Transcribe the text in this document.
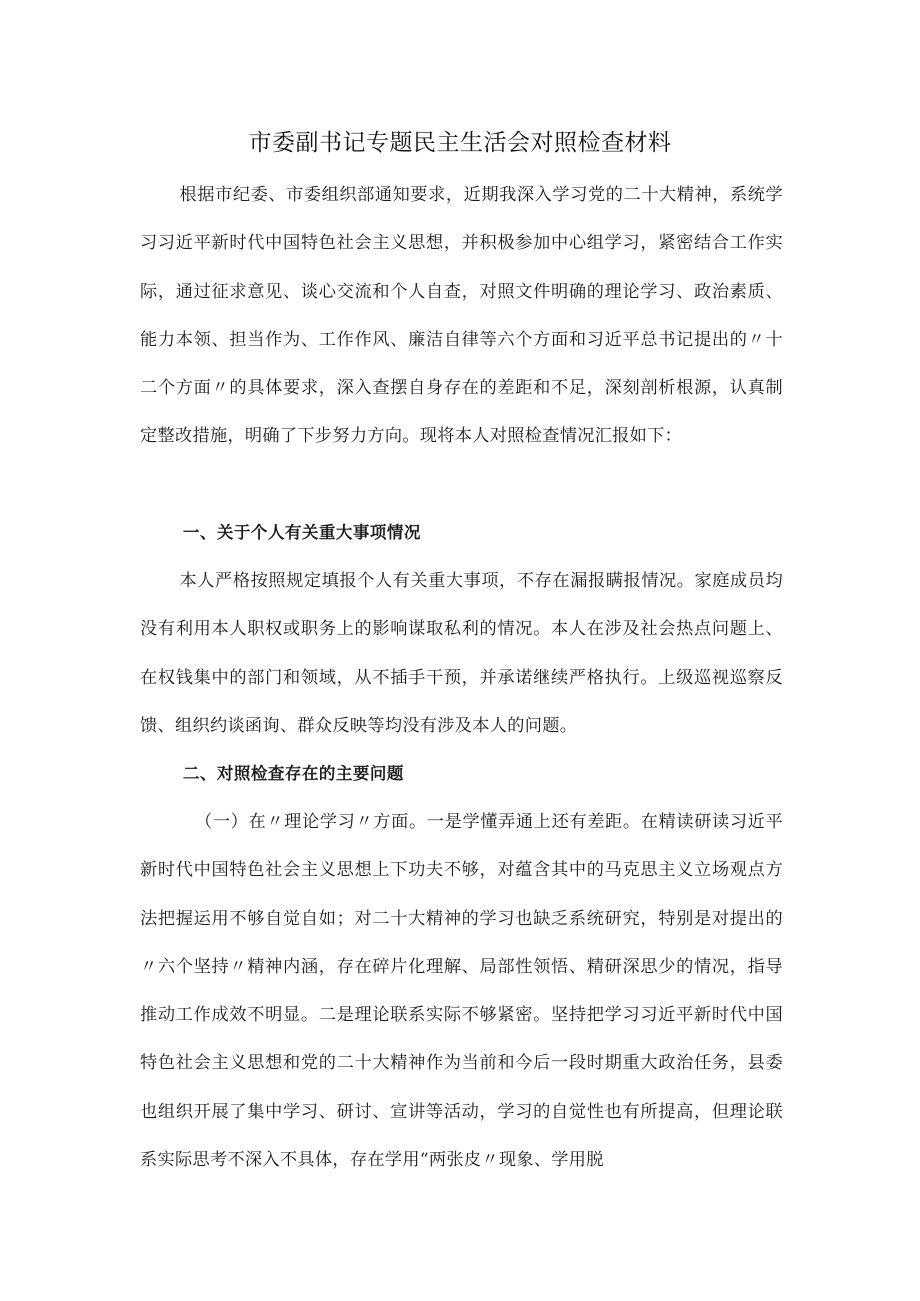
市委副书记专题民主生活会对照检查材料

根据市纪委、市委组织部通知要求，近期我深入学习党的二十大精神，系统学习习近平新时代中国特色社会主义思想，并积极参加中心组学习，紧密结合工作实际，通过征求意见、谈心交流和个人自查，对照文件明确的理论学习、政治素质、能力本领、担当作为、工作作风、廉洁自律等六个方面和习近平总书记提出的〃十二个方面〃的具体要求，深入查摆自身存在的差距和不足，深刻剖析根源，认真制定整改措施，明确了下步努力方向。现将本人对照检查情况汇报如下：

一、关于个人有关重大事项情况

本人严格按照规定填报个人有关重大事项，不存在漏报瞒报情况。家庭成员均没有利用本人职权或职务上的影响谋取私利的情况。本人在涉及社会热点问题上、在权钱集中的部门和领域，从不插手干预，并承诺继续严格执行。上级巡视巡察反馈、组织约谈函询、群众反映等均没有涉及本人的问题。

二、对照检查存在的主要问题

（一）在〃理论学习〃方面。一是学懂弄通上还有差距。在精读研读习近平新时代中国特色社会主义思想上下功夫不够，对蕴含其中的马克思主义立场观点方法把握运用不够自觉自如；对二十大精神的学习也缺乏系统研究，特别是对提出的〃六个坚持〃精神内涵，存在碎片化理解、局部性领悟、精研深思少的情况，指导推动工作成效不明显。二是理论联系实际不够紧密。坚持把学习习近平新时代中国特色社会主义思想和党的二十大精神作为当前和今后一段时期重大政治任务，县委也组织开展了集中学习、研讨、宣讲等活动，学习的自觉性也有所提高，但理论联系实际思考不深入不具体，存在学用“两张皮〃现象、学用脱
